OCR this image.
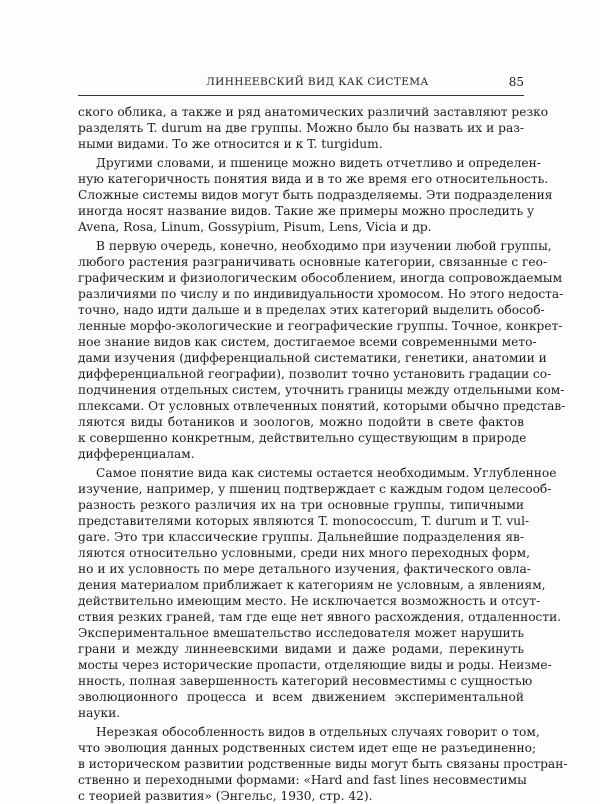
ЛИННЕЕВСКИЙ ВИД КАК СИСТЕМА	85
ского облика, а также и ряд анатомических различий заставляют резко
разделять T. durum на две группы. Можно было бы назвать их и раз-
ными видами. То же относится и к T. turgidum.
Другими словами, и пшенице можно видеть отчетливо и определен-
ную категоричность понятия вида и в то же время его относительность.
Сложные системы видов могут быть подразделяемы. Эти подразделения
иногда носят название видов. Такие же примеры можно проследить у
Avena, Rosa, Linum, Gossypium, Pisum, Lens, Vicia и др.
В первую очередь, конечно, необходимо при изучении любой группы,
любого растения разграничивать основные категории, связанные с гео-
графическим и физиологическим обособлением, иногда сопровождаемым
различиями по числу и по индивидуальности хромосом. Но этого недоста-
точно, надо идти дальше и в пределах этих категорий выделить обособ-
ленные морфо-экологические и географические группы. Точное, конкрет-
ное знание видов как систем, достигаемое всеми современными мето-
дами изучения (дифференциальной систематики, генетики, анатомии и
дифференциальной географии), позволит точно установить градации со-
подчинения отдельных систем, уточнить границы между отдельными ком-
плексами. От условных отвлеченных понятий, которыми обычно представ-
ляются виды ботаников и зоологов, можно подойти в свете фактов
к совершенно конкретным, действительно существующим в природе
дифференциалам.
Самое понятие вида как системы остается необходимым. Углубленное
изучение, например, у пшениц подтверждает с каждым годом целесооб-
разность резкого различия их на три основные группы, типичными
представителями которых являются T. monococcum, T. durum и T. vul-
gare. Это три классические группы. Дальнейшие подразделения яв-
ляются относительно условными, среди них много переходных форм,
но и их условность по мере детального изучения, фактического овла-
дения материалом приближает к категориям не условным, а явлениям,
действительно имеющим место. Не исключается возможность и отсут-
ствия резких граней, там где еще нет явного расхождения, отдаленности.
Экспериментальное вмешательство исследователя может нарушить
грани и между линнеевскими видами и даже родами, перекинуть
мосты через исторические пропасти, отделяющие виды и роды. Неизме-
нность, полная завершенность категорий несовместимы с сущностью
эволюционного процесса и всем движением экспериментальной
науки.
Нерезкая обособленность видов в отдельных случаях говорит о том,
что эволюция данных родственных систем идет еще не разъединенно;
в историческом развитии родственные виды могут быть связаны простран-
ственно и переходными формами: «Hard and fast lines несовместимы
с теорией развития» (Энгельс, 1930, стр. 42).
